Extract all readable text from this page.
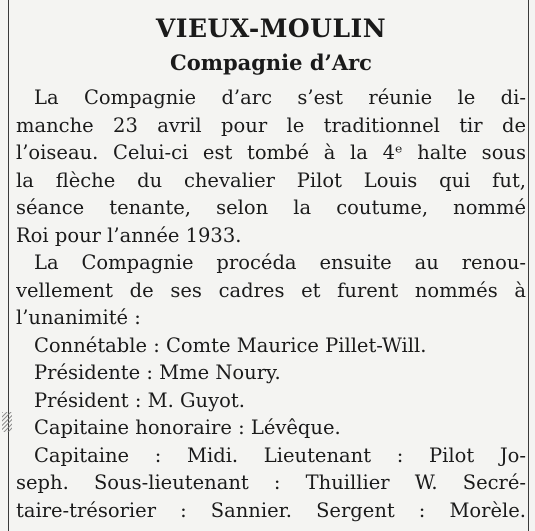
VIEUX-MOULIN
Compagnie d’Arc
La Compagnie d’arc s’est réunie le di-
manche 23 avril pour le traditionnel tir de
l’oiseau. Celui-ci est tombé à la 4ᵉ halte sous
la flèche du chevalier Pilot Louis qui fut,
séance tenante, selon la coutume, nommé
Roi pour l’année 1933.
La Compagnie procéda ensuite au renou-
vellement de ses cadres et furent nommés à
l’unanimité :
Connétable : Comte Maurice Pillet-Will.
Présidente : Mme Noury.
Président : M. Guyot.
Capitaine honoraire : Lévêque.
Capitaine : Midi. Lieutenant : Pilot Jo-
seph. Sous-lieutenant : Thuillier W. Secré-
taire-trésorier : Sannier. Sergent : Morèle.
